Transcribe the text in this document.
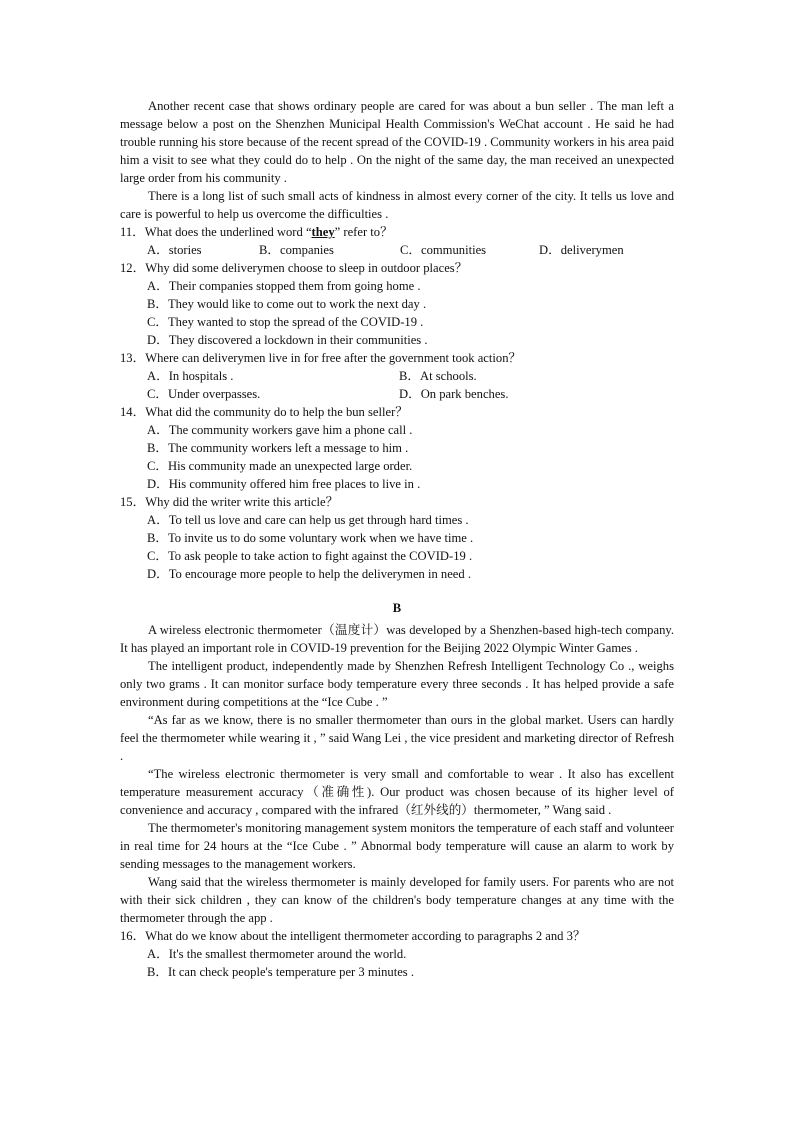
Another recent case that shows ordinary people are cared for was about a bun seller . The man left a message below a post on the Shenzhen Municipal Health Commission's WeChat account . He said he had trouble running his store because of the recent spread of the COVID-19 . Community workers in his area paid him a visit to see what they could do to help . On the night of the same day, the man received an unexpected large order from his community .

There is a long list of such small acts of kindness in almost every corner of the city. It tells us love and care is powerful to help us overcome the difficulties .

11．What does the underlined word “they” refer to？
A．stories	B．companies	C．communities	D．deliverymen
12．Why did some deliverymen choose to sleep in outdoor places？
A．Their companies stopped them from going home .
B．They would like to come out to work the next day .
C．They wanted to stop the spread of the COVID-19 .
D．They discovered a lockdown in their communities .
13．Where can deliverymen live in for free after the government took action？
A．In hospitals .	B．At schools.
C．Under overpasses.	D．On park benches.
14．What did the community do to help the bun seller？
A．The community workers gave him a phone call .
B．The community workers left a message to him .
C．His community made an unexpected large order.
D．His community offered him free places to live in .
15．Why did the writer write this article？
A．To tell us love and care can help us get through hard times .
B．To invite us to do some voluntary work when we have time .
C．To ask people to take action to fight against the COVID-19 .
D．To encourage more people to help the deliverymen in need .
B

A wireless electronic thermometer（温度计）was developed by a Shenzhen-based high-tech company. It has played an important role in COVID-19 prevention for the Beijing 2022 Olympic Winter Games .

The intelligent product, independently made by Shenzhen Refresh Intelligent Technology Co ., weighs only two grams . It can monitor surface body temperature every three seconds . It has helped provide a safe environment during competitions at the “Ice Cube . ”

“As far as we know, there is no smaller thermometer than ours in the global market. Users can hardly feel the thermometer while wearing it , ” said Wang Lei , the vice president and marketing director of Refresh .

“The wireless electronic thermometer is very small and comfortable to wear . It also has excellent temperature measurement accuracy（准确性). Our product was chosen because of its higher level of convenience and accuracy , compared with the infrared（红外线的）thermometer, ” Wang said .

The thermometer's monitoring management system monitors the temperature of each staff and volunteer in real time for 24 hours at the “Ice Cube . ” Abnormal body temperature will cause an alarm to work by sending messages to the management workers.

Wang said that the wireless thermometer is mainly developed for family users. For parents who are not with their sick children , they can know of the children's body temperature changes at any time with the thermometer through the app .

16．What do we know about the intelligent thermometer according to paragraphs 2 and 3？
A．It's the smallest thermometer around the world.
B．It can check people's temperature per 3 minutes .
